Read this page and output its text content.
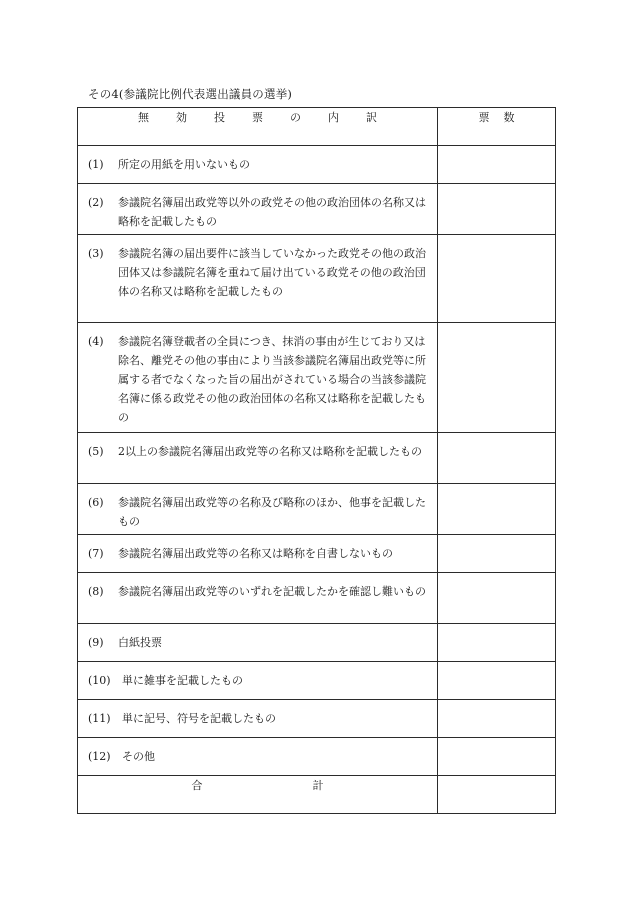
その4(参議院比例代表選出議員の選挙)
無効投票の内訳	票数

(1) 所定の用紙を用いないもの	

(2) 参議院名簿届出政党等以外の政党その他の政治団体の名称又は略称を記載したもの	

(3) 参議院名簿の届出要件に該当していなかった政党その他の政治団体又は参議院名簿を重ねて届け出ている政党その他の政治団体の名称又は略称を記載したもの	

(4) 参議院名簿登載者の全員につき、抹消の事由が生じており又は除名、離党その他の事由により当該参議院名簿届出政党等に所属する者でなくなった旨の届出がされている場合の当該参議院名簿に係る政党その他の政治団体の名称又は略称を記載したもの	

(5) 2以上の参議院名簿届出政党等の名称又は略称を記載したもの	

(6) 参議院名簿届出政党等の名称及び略称のほか、他事を記載したもの	

(7) 参議院名簿届出政党等の名称又は略称を自書しないもの	

(8) 参議院名簿届出政党等のいずれを記載したかを確認し難いもの	

(9) 白紙投票	

(10) 単に雑事を記載したもの	

(11) 単に記号、符号を記載したもの	

(12) その他	

合 計	
